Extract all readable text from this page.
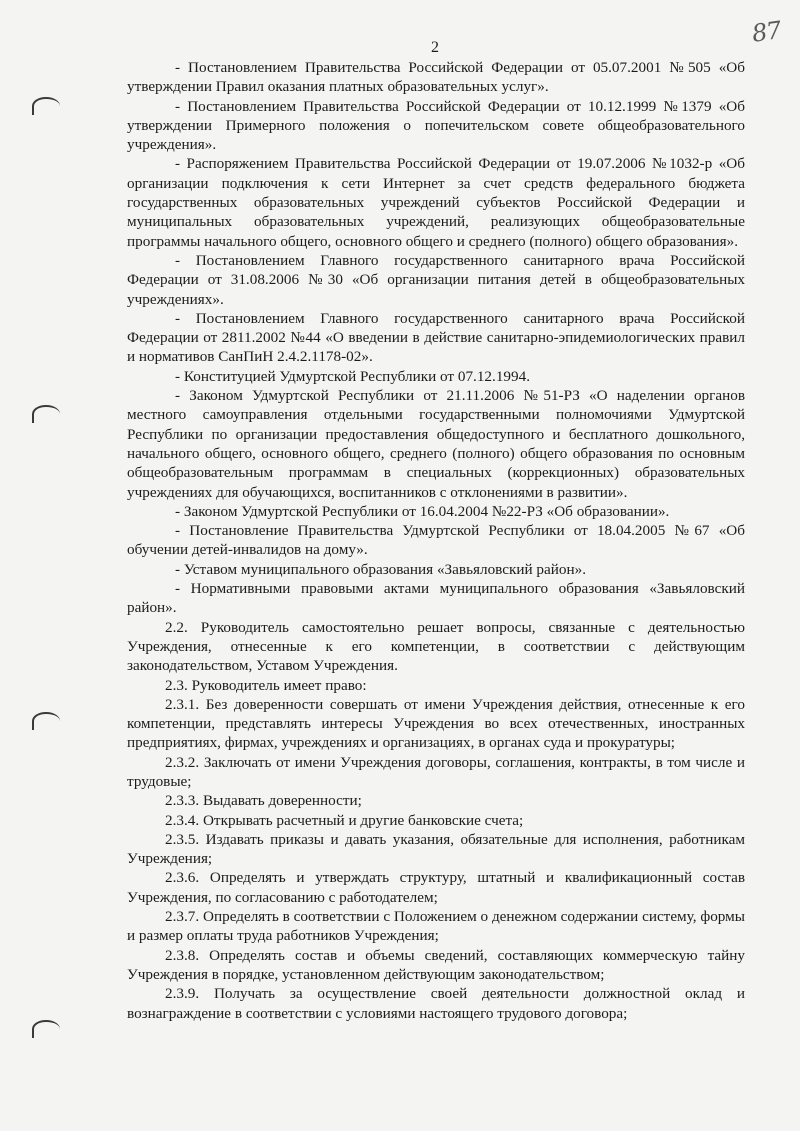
2	87

- Постановлением Правительства Российской Федерации от 05.07.2001 №505 «Об утверждении Правил оказания платных образовательных услуг».

- Постановлением Правительства Российской Федерации от 10.12.1999 №1379 «Об утверждении Примерного положения о попечительском совете общеобразовательного учреждения».

- Распоряжением Правительства Российской Федерации от 19.07.2006 №1032-р «Об организации подключения к сети Интернет за счет средств федерального бюджета государственных образовательных учреждений субъектов Российской Федерации и муниципальных образовательных учреждений, реализующих общеобразовательные программы начального общего, основного общего и среднего (полного) общего образования».

- Постановлением Главного государственного санитарного врача Российской Федерации от 31.08.2006 №30 «Об организации питания детей в общеобразовательных учреждениях».

- Постановлением Главного государственного санитарного врача Российской Федерации от 2811.2002 №44 «О введении в действие санитарно-эпидемиологических правил и нормативов СанПиН 2.4.2.1178-02».

- Конституцией Удмуртской Республики от 07.12.1994.

- Законом Удмуртской Республики от 21.11.2006 №51-РЗ «О наделении органов местного самоуправления отдельными государственными полномочиями Удмуртской Республики по организации предоставления общедоступного и бесплатного дошкольного, начального общего, основного общего, среднего (полного) общего образования по основным общеобразовательным программам в специальных (коррекционных) образовательных учреждениях для обучающихся, воспитанников с отклонениями в развитии».

- Законом Удмуртской Республики от 16.04.2004 №22-РЗ «Об образовании».

- Постановление Правительства Удмуртской Республики от 18.04.2005 №67 «Об обучении детей-инвалидов на дому».

- Уставом муниципального образования «Завьяловский район».

- Нормативными правовыми актами муниципального образования «Завьяловский район».

2.2. Руководитель самостоятельно решает вопросы, связанные с деятельностью Учреждения, отнесенные к его компетенции, в соответствии с действующим законодательством, Уставом Учреждения.

2.3. Руководитель имеет право:

2.3.1. Без доверенности совершать от имени Учреждения действия, отнесенные к его компетенции, представлять интересы Учреждения во всех отечественных, иностранных предприятиях, фирмах, учреждениях и организациях, в органах суда и прокуратуры;

2.3.2. Заключать от имени Учреждения договоры, соглашения, контракты, в том числе и трудовые;

2.3.3. Выдавать доверенности;

2.3.4. Открывать расчетный и другие банковские счета;

2.3.5. Издавать приказы и давать указания, обязательные для исполнения, работникам Учреждения;

2.3.6. Определять и утверждать структуру, штатный и квалификационный состав Учреждения, по согласованию с работодателем;

2.3.7. Определять в соответствии с Положением о денежном содержании систему, формы и размер оплаты труда работников Учреждения;

2.3.8. Определять состав и объемы сведений, составляющих коммерческую тайну Учреждения в порядке, установленном действующим законодательством;

2.3.9. Получать за осуществление своей деятельности должностной оклад и вознаграждение в соответствии с условиями настоящего трудового договора;
